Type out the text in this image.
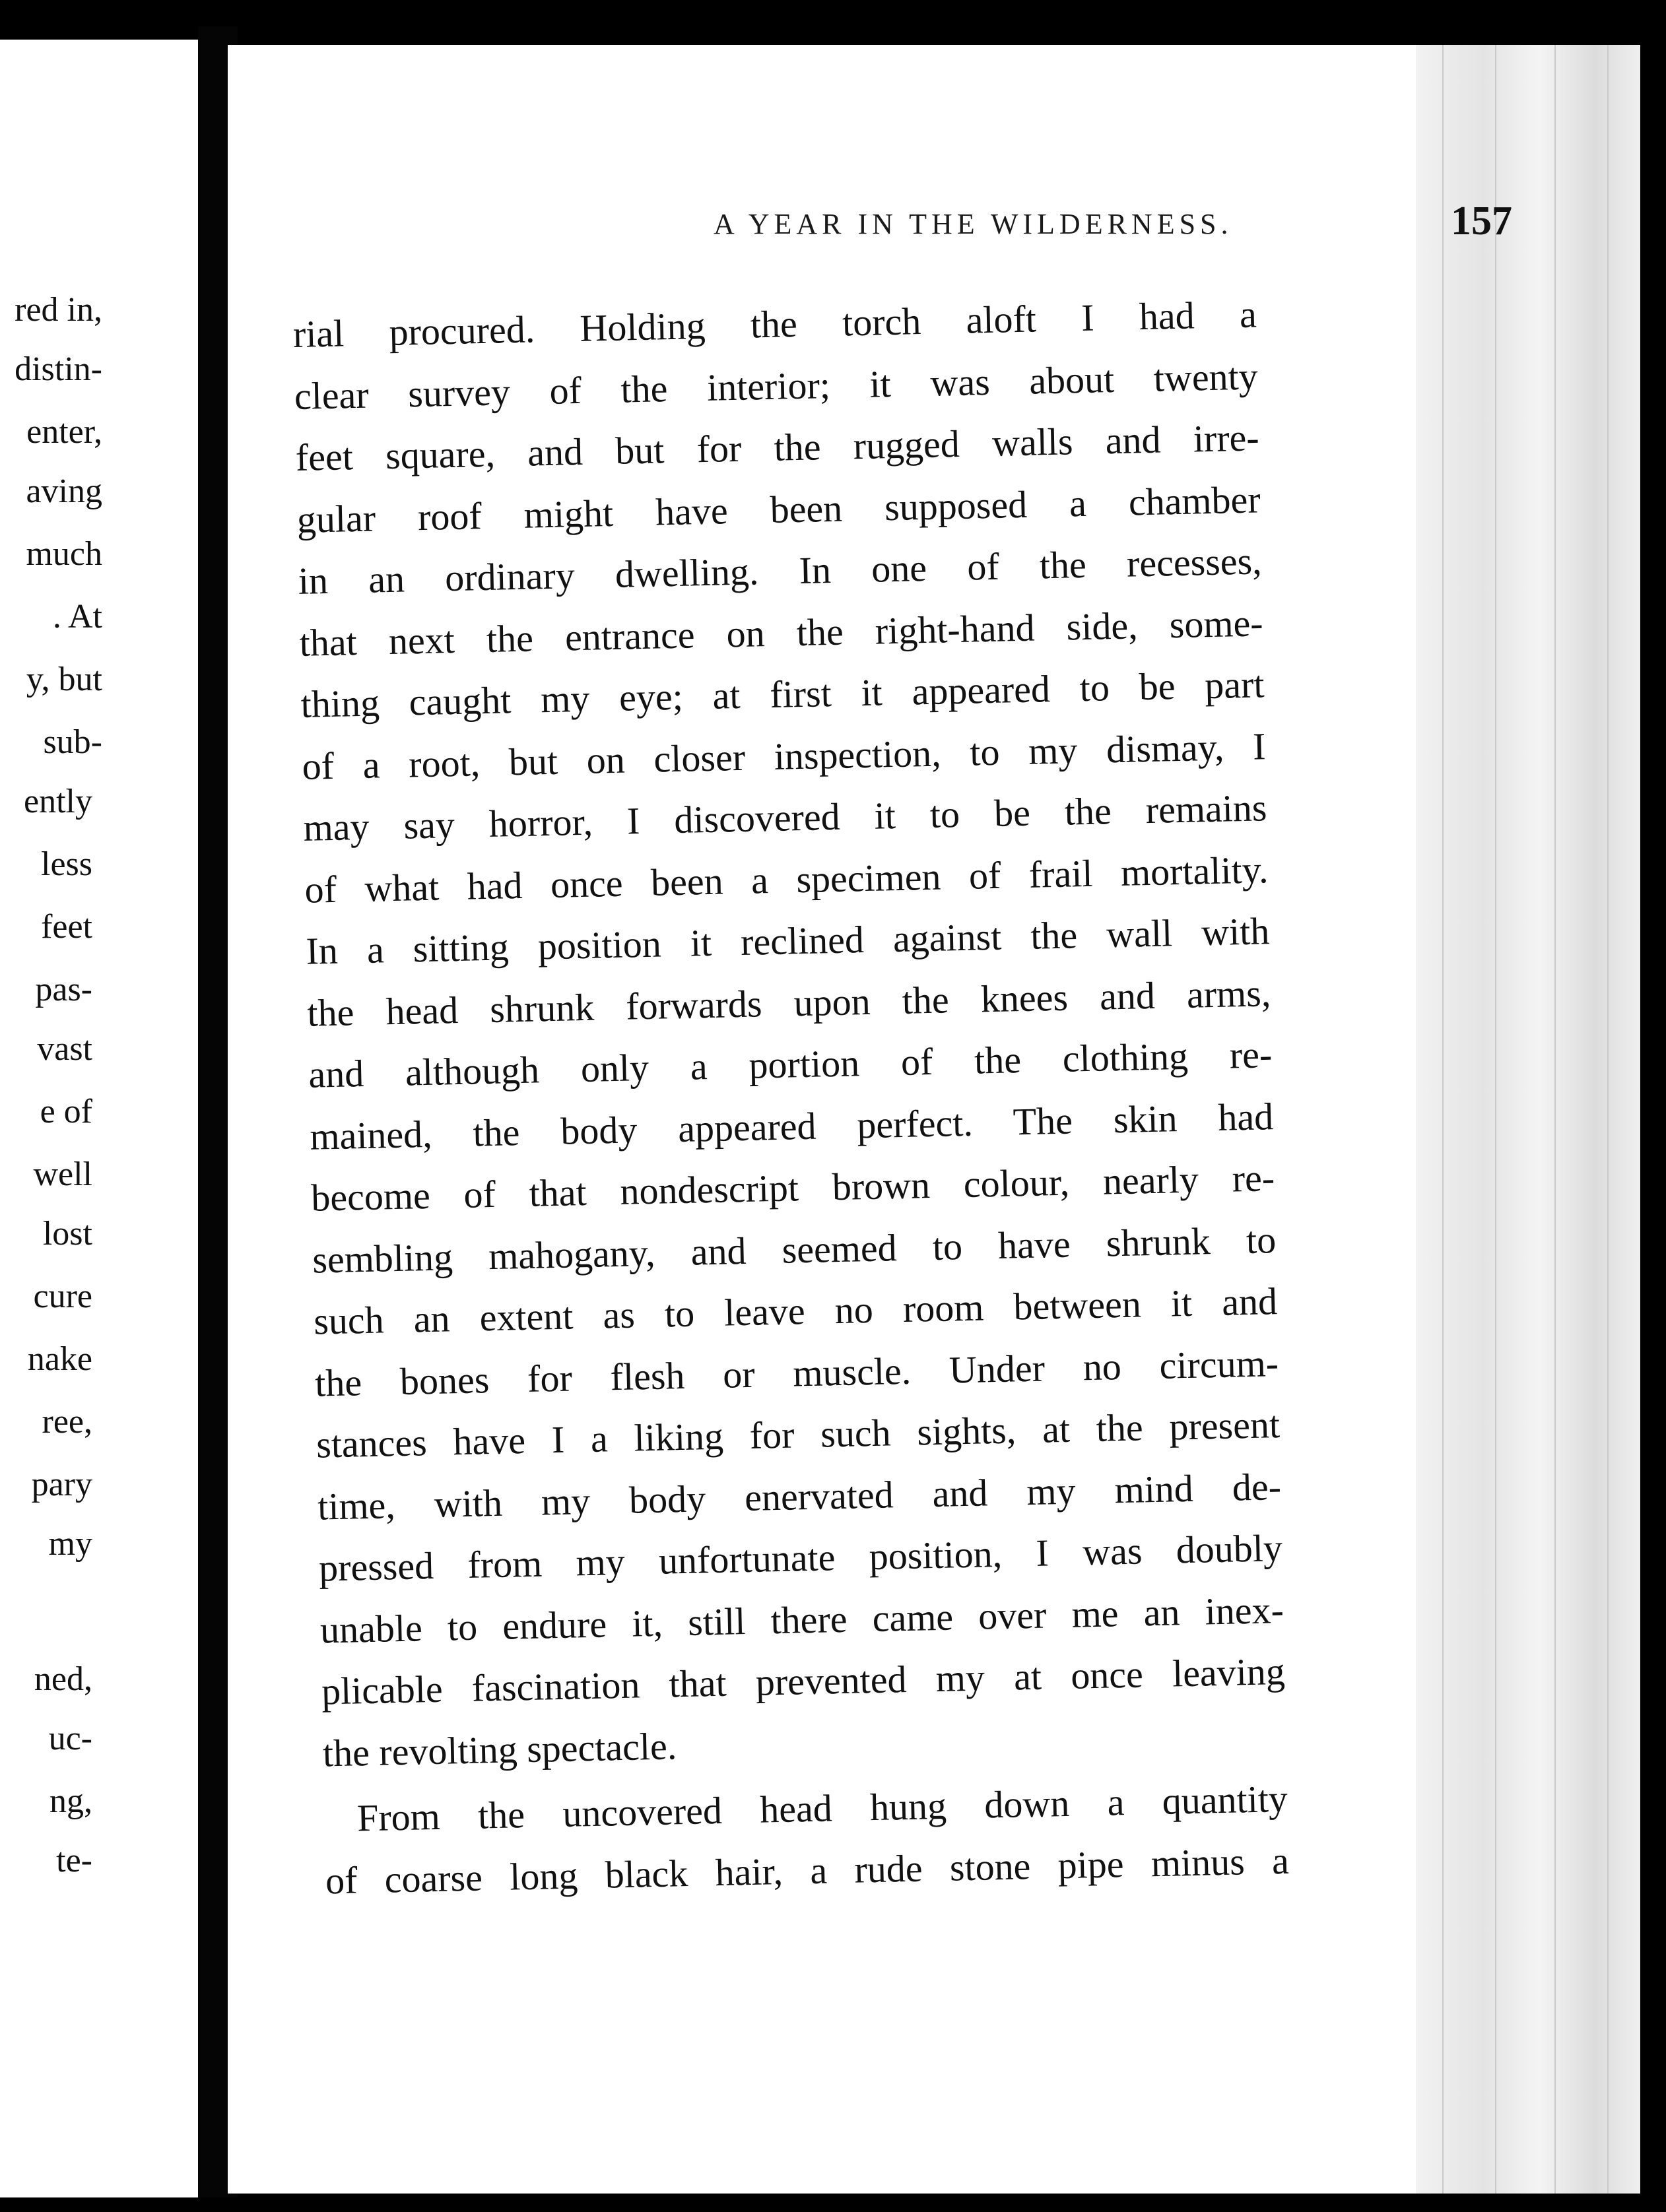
red in,
distin-
enter,
aving
much
. At
y, but
sub-
ently
less
feet
pas-
vast
e of
well
lost
cure
nake
ree,
pary
my
ned,
uc-
ng,
te-
A YEAR IN THE WILDERNESS.	157
rial procured. Holding the torch aloft I had a
clear survey of the interior; it was about twenty
feet square, and but for the rugged walls and irre-
gular roof might have been supposed a chamber
in an ordinary dwelling. In one of the recesses,
that next the entrance on the right-hand side, some-
thing caught my eye; at first it appeared to be part
of a root, but on closer inspection, to my dismay, I
may say horror, I discovered it to be the remains
of what had once been a specimen of frail mortality.
In a sitting position it reclined against the wall with
the head shrunk forwards upon the knees and arms,
and although only a portion of the clothing re-
mained, the body appeared perfect. The skin had
become of that nondescript brown colour, nearly re-
sembling mahogany, and seemed to have shrunk to
such an extent as to leave no room between it and
the bones for flesh or muscle. Under no circum-
stances have I a liking for such sights, at the present
time, with my body enervated and my mind de-
pressed from my unfortunate position, I was doubly
unable to endure it, still there came over me an inex-
plicable fascination that prevented my at once leaving
the revolting spectacle.
From the uncovered head hung down a quantity
of coarse long black hair, a rude stone pipe minus a
